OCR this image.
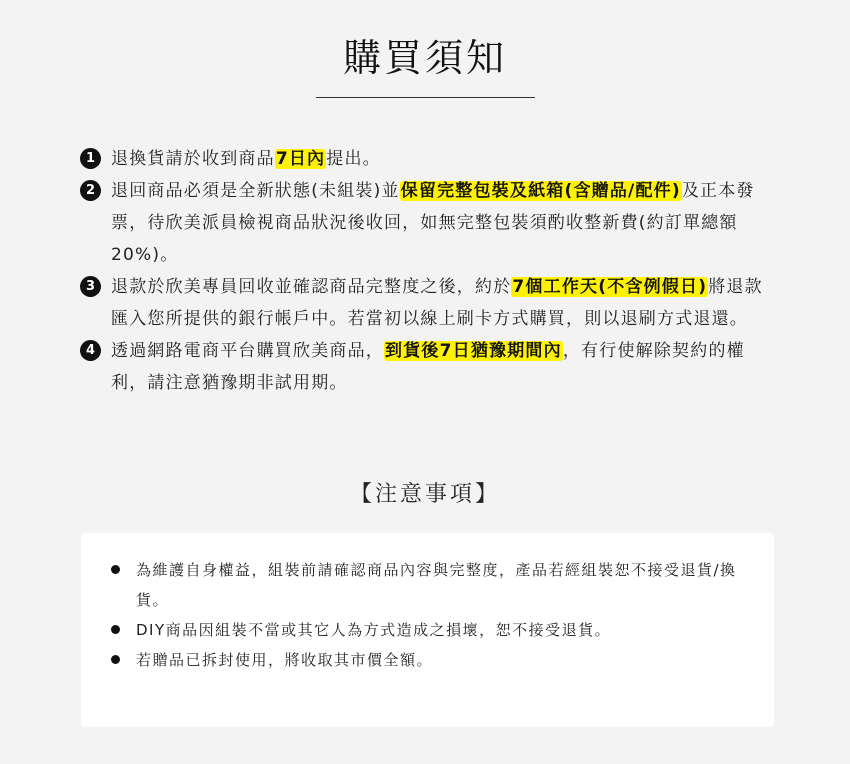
購買須知
1 退換貨請於收到商品7日內提出。
2 退回商品必須是全新狀態(未組裝)並保留完整包裝及紙箱(含贈品/配件)及正本發票，待欣美派員檢視商品狀況後收回，如無完整包裝須酌收整新費(約訂單總額20%)。
3 退款於欣美專員回收並確認商品完整度之後，約於7個工作天(不含例假日)將退款匯入您所提供的銀行帳戶中。若當初以線上刷卡方式購買，則以退刷方式退還。
4 透過網路電商平台購買欣美商品，到貨後7日猶豫期間內，有行使解除契約的權利，請注意猶豫期非試用期。
【注意事項】
為維護自身權益，組裝前請確認商品內容與完整度，產品若經組裝恕不接受退貨/換貨。
DIY商品因組裝不當或其它人為方式造成之損壞，恕不接受退貨。
若贈品已拆封使用，將收取其市價全額。
